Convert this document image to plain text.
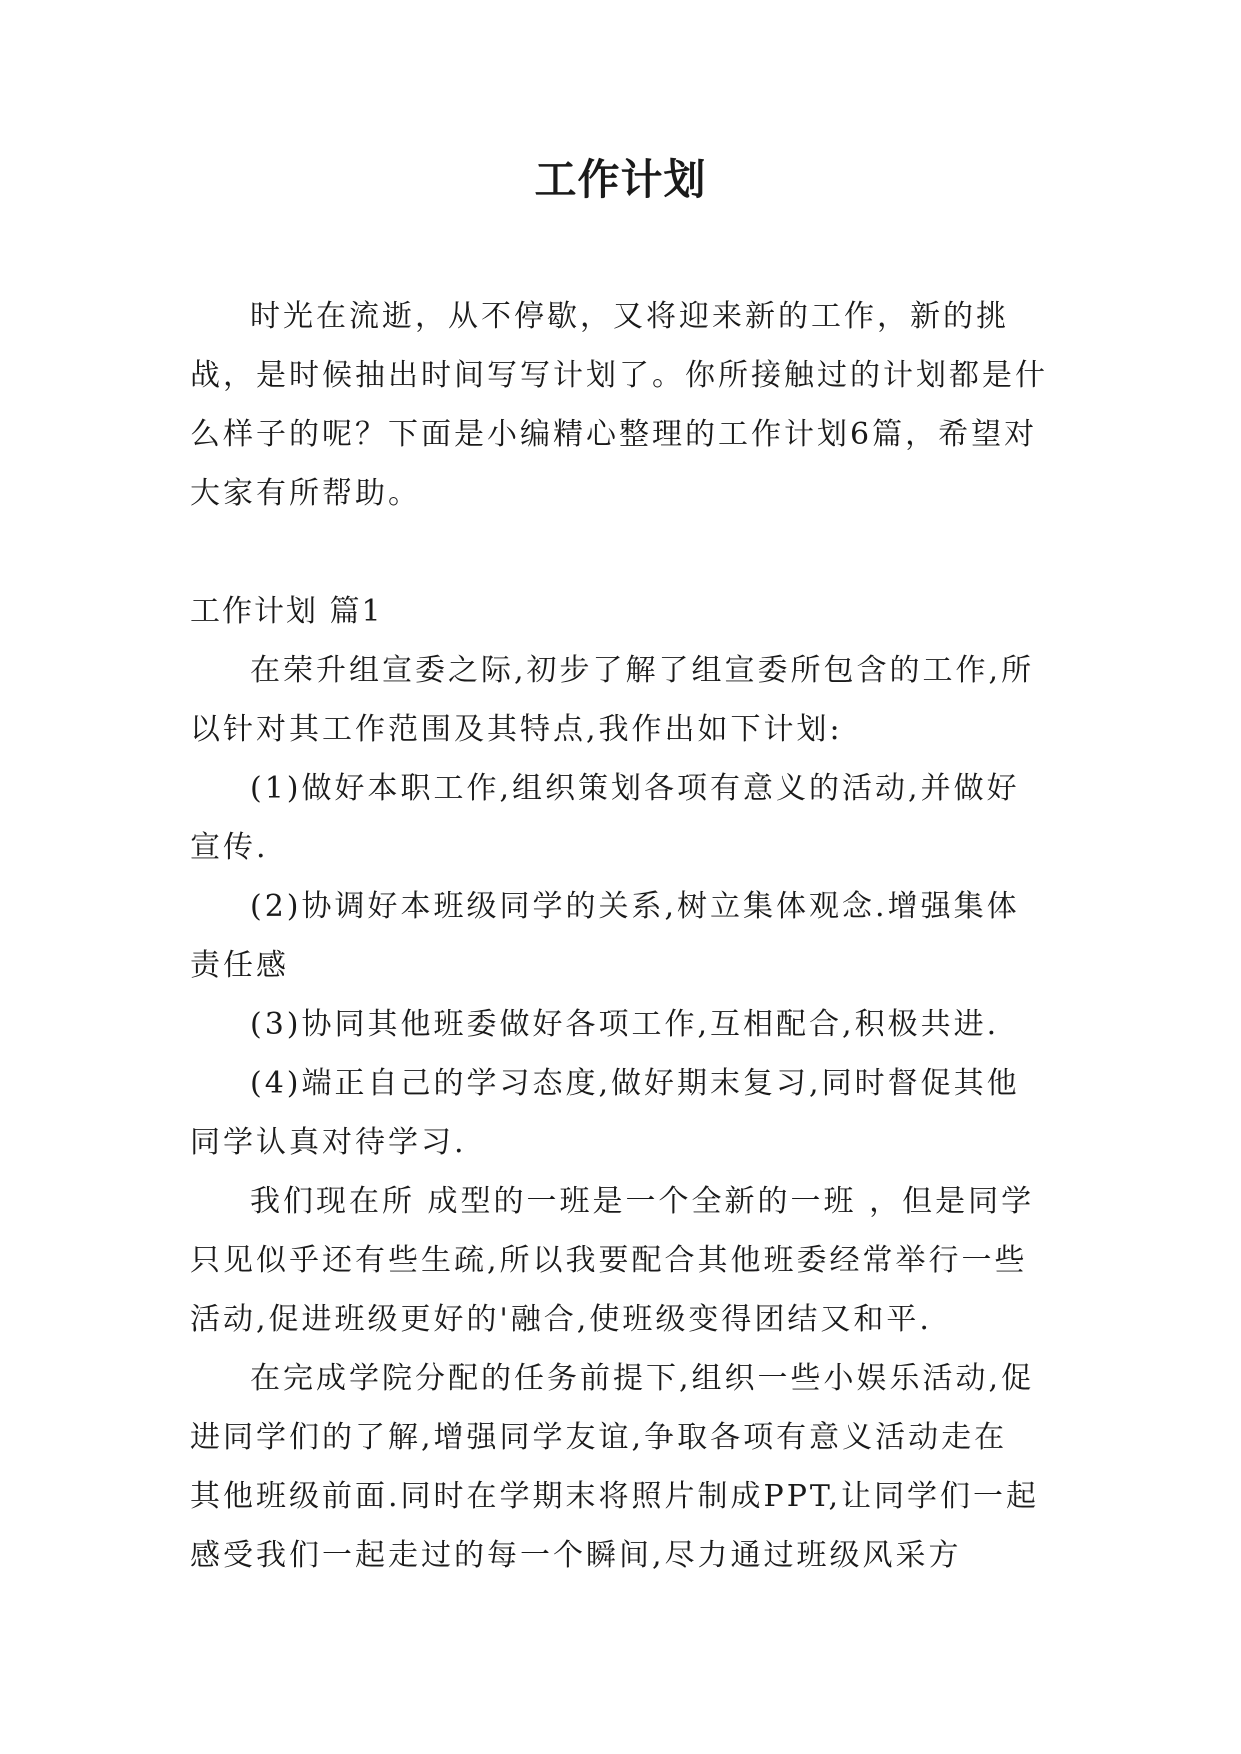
工作计划

时光在流逝，从不停歇，又将迎来新的工作，新的挑战，是时候抽出时间写写计划了。你所接触过的计划都是什么样子的呢？下面是小编精心整理的工作计划6篇，希望对大家有所帮助。

工作计划 篇1

在荣升组宣委之际,初步了解了组宣委所包含的工作,所以针对其工作范围及其特点,我作出如下计划:

(1)做好本职工作,组织策划各项有意义的活动,并做好宣传.

(2)协调好本班级同学的关系,树立集体观念.增强集体责任感

(3)协同其他班委做好各项工作,互相配合,积极共进.

(4)端正自己的学习态度,做好期末复习,同时督促其他同学认真对待学习.

我们现在所 成型的一班是一个全新的一班 ，但是同学只见似乎还有些生疏,所以我要配合其他班委经常举行一些活动,促进班级更好的'融合,使班级变得团结又和平.

在完成学院分配的任务前提下,组织一些小娱乐活动,促进同学们的了解,增强同学友谊,争取各项有意义活动走在 其他班级前面.同时在学期末将照片制成PPT,让同学们一起感受我们一起走过的每一个瞬间,尽力通过班级风采方
